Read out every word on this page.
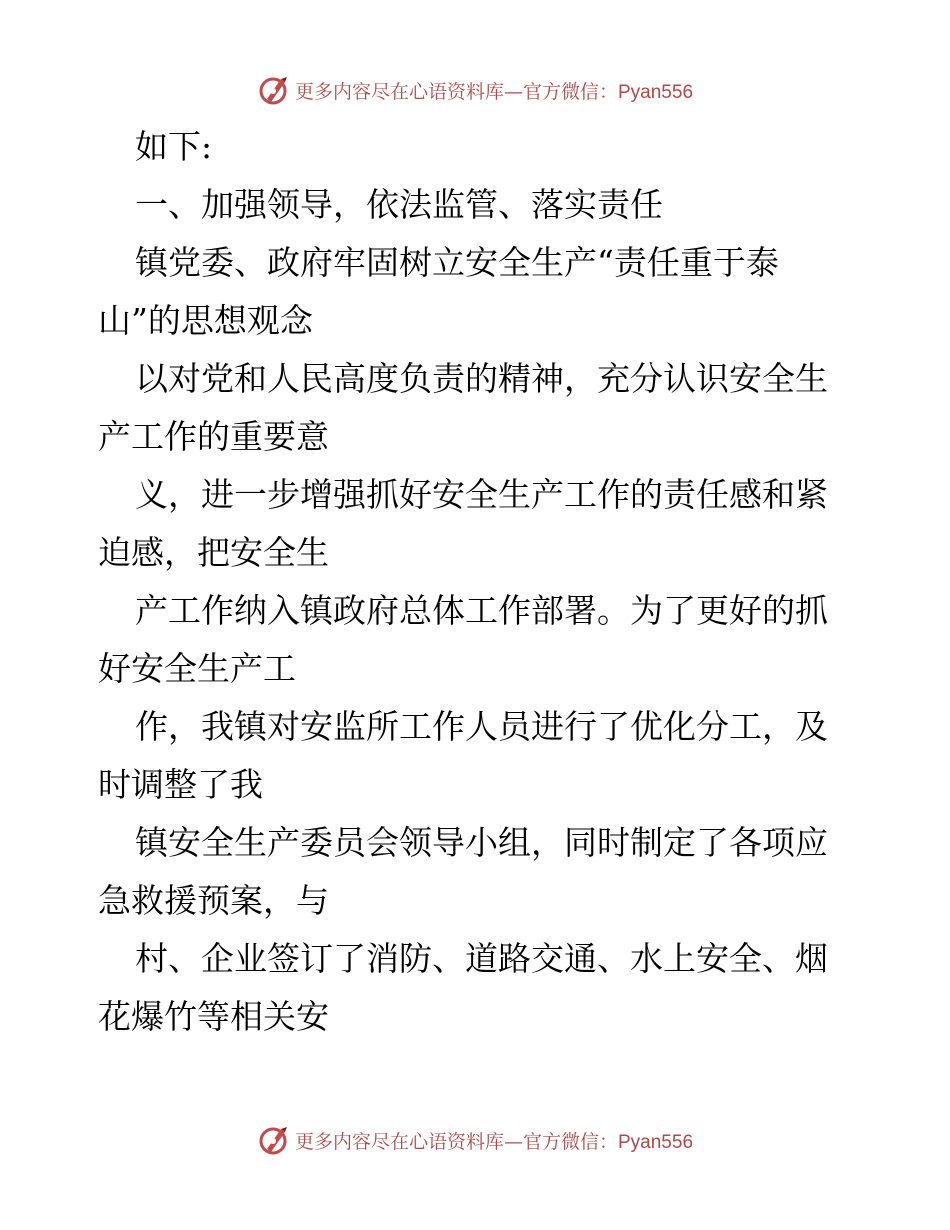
更多内容尽在心语资料库—官方微信：Pyan556
如下:
一、加强领导，依法监管、落实责任
镇党委、政府牢固树立安全生产“责任重于泰
山”的思想观念
以对党和人民高度负责的精神，充分认识安全生
产工作的重要意
义，进一步增强抓好安全生产工作的责任感和紧
迫感，把安全生
产工作纳入镇政府总体工作部署。为了更好的抓
好安全生产工
作，我镇对安监所工作人员进行了优化分工，及
时调整了我
镇安全生产委员会领导小组，同时制定了各项应
急救援预案，与
村、企业签订了消防、道路交通、水上安全、烟
花爆竹等相关安
更多内容尽在心语资料库—官方微信：Pyan556
